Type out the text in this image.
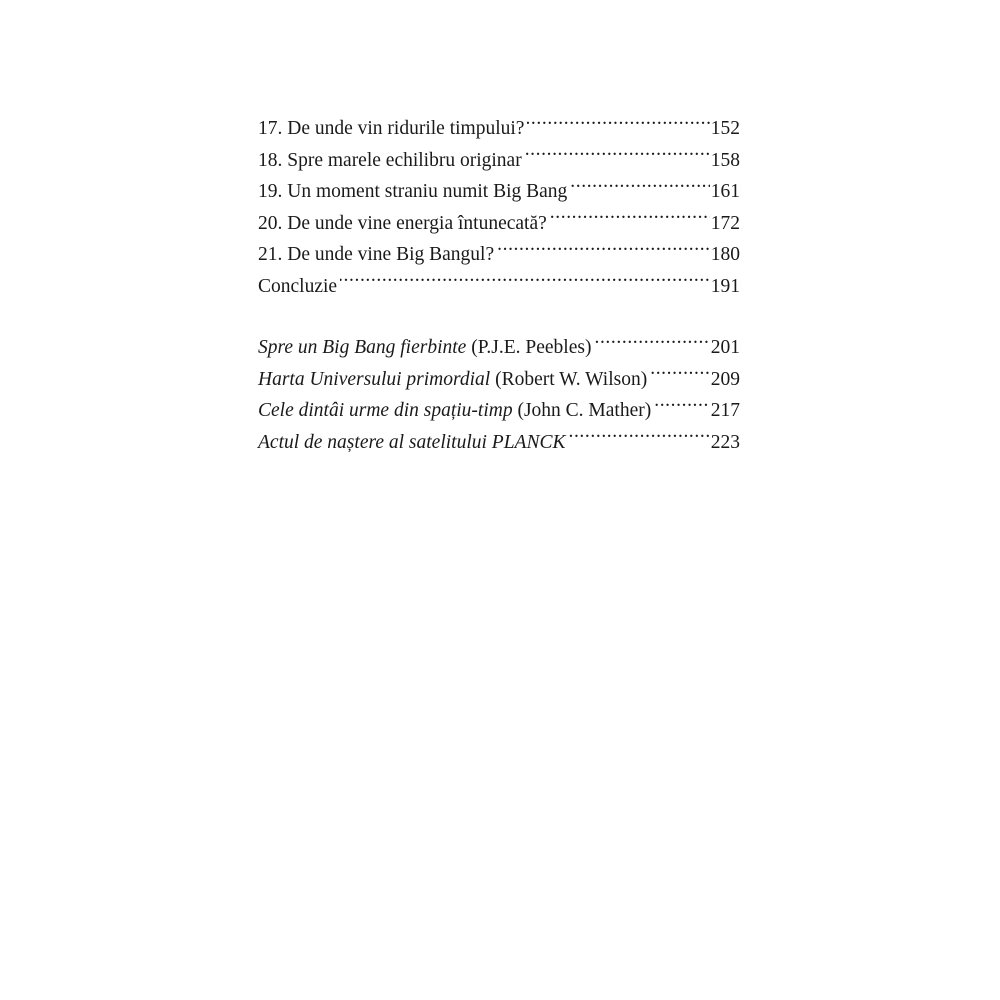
17. De unde vin ridurile timpului? .....	152
18. Spre marele echilibru originar .....	158
19. Un moment straniu numit Big Bang .....	161
20. De unde vine energia întunecată? .....	172
21. De unde vine Big Bangul? .....	180
Concluzie .....	191
Spre un Big Bang fierbinte (P.J.E. Peebles) .....	201
Harta Universului primordial (Robert W. Wilson) .....	209
Cele dintâi urme din spațiu-timp (John C. Mather) .....	217
Actul de naștere al satelitului PLANCK .....	223
